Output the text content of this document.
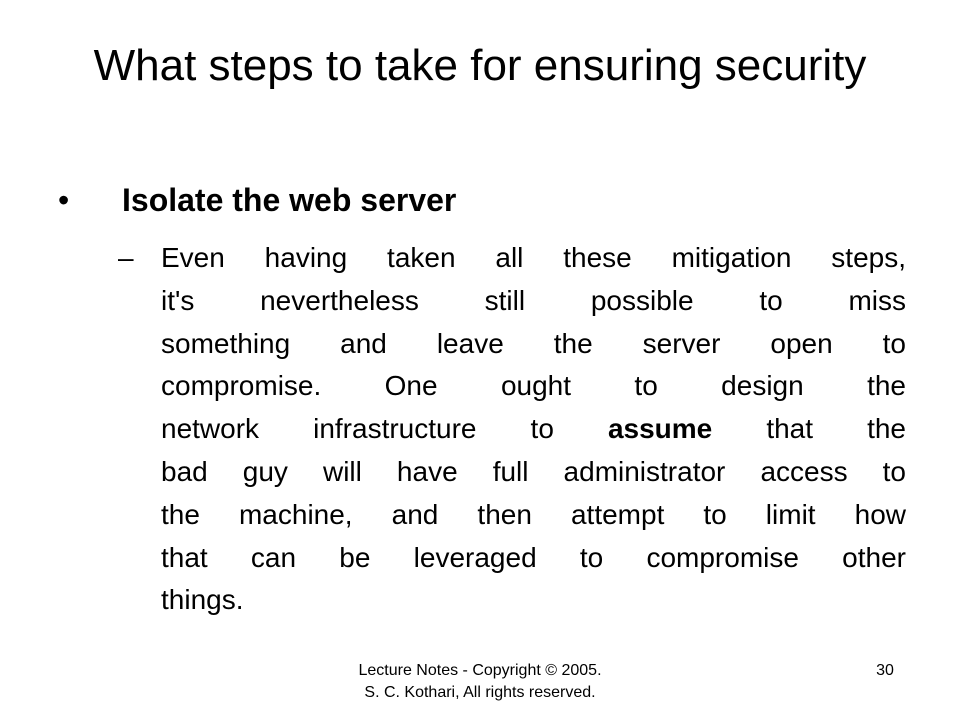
What steps to take for ensuring security
• Isolate the web server
– Even having taken all these mitigation steps,
it's nevertheless still possible to miss
something and leave the server open to
compromise. One ought to design the
network infrastructure to assume that the
bad guy will have full administrator access to
the machine, and then attempt to limit how
that can be leveraged to compromise other
things.
Lecture Notes - Copyright © 2005.
S. C. Kothari, All rights reserved.
30
